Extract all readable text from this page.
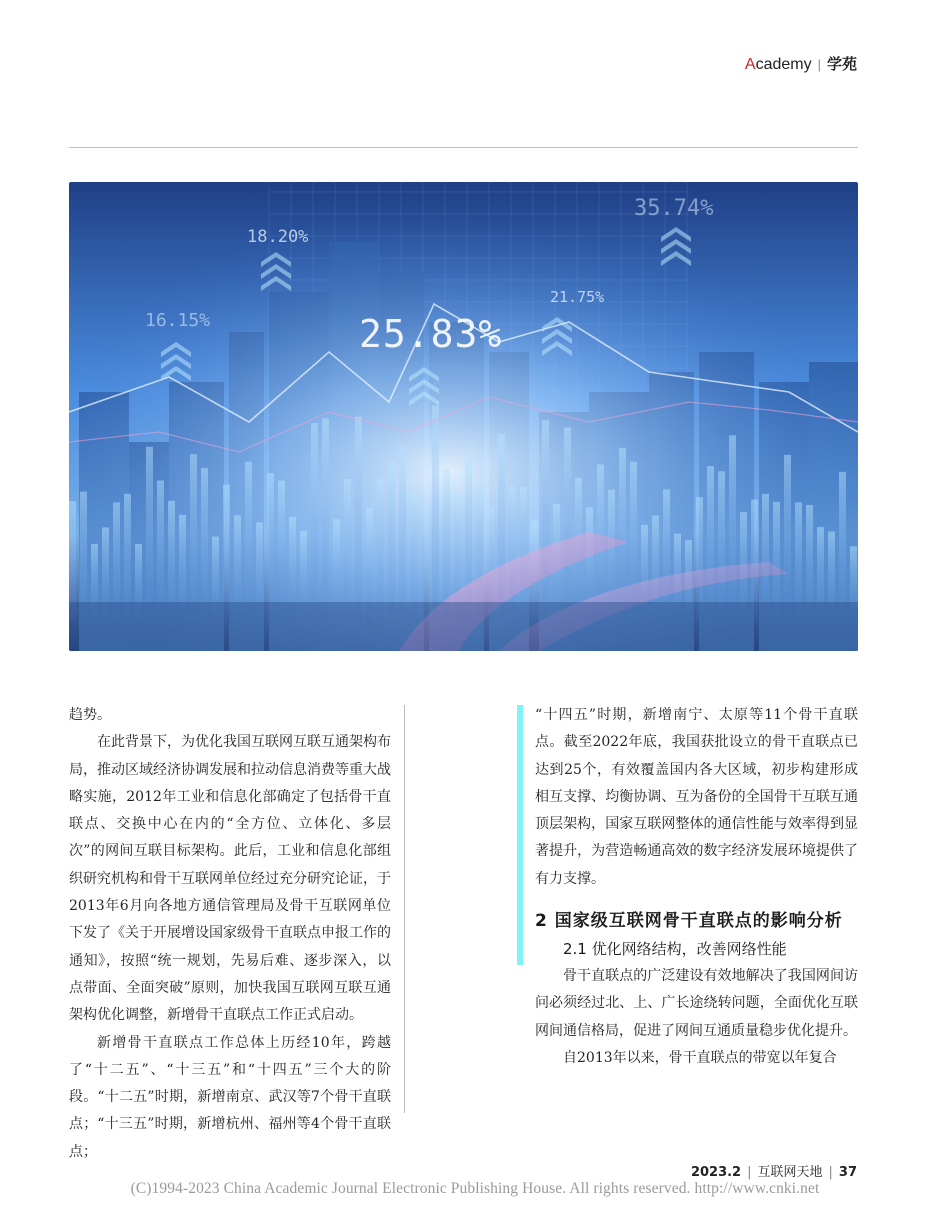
Academy | 学苑
25.83%
18.20%
16.15%
21.75%
35.74%

趋势。

在此背景下，为优化我国互联网互联互通架构布局，推动区域经济协调发展和拉动信息消费等重大战略实施，2012年工业和信息化部确定了包括骨干直联点、交换中心在内的“全方位、立体化、多层次”的网间互联目标架构。此后，工业和信息化部组织研究机构和骨干互联网单位经过充分研究论证，于2013年6月向各地方通信管理局及骨干互联网单位下发了《关于开展增设国家级骨干直联点申报工作的通知》，按照“统一规划，先易后难、逐步深入，以点带面、全面突破”原则，加快我国互联网互联互通架构优化调整，新增骨干直联点工作正式启动。

新增骨干直联点工作总体上历经10年，跨越了“十二五”、“十三五”和“十四五”三个大的阶段。“十二五”时期，新增南京、武汉等7个骨干直联点；“十三五”时期，新增杭州、福州等4个骨干直联点；

“十四五”时期，新增南宁、太原等11个骨干直联点。截至2022年底，我国获批设立的骨干直联点已达到25个，有效覆盖国内各大区域，初步构建形成相互支撑、均衡协调、互为备份的全国骨干互联互通顶层架构，国家互联网整体的通信性能与效率得到显著提升，为营造畅通高效的数字经济发展环境提供了有力支撑。

2 国家级互联网骨干直联点的影响分析
2.1 优化网络结构，改善网络性能

骨干直联点的广泛建设有效地解决了我国网间访问必须经过北、上、广长途绕转问题，全面优化互联网间通信格局，促进了网间互通质量稳步优化提升。

自2013年以来，骨干直联点的带宽以年复合

2023.2 | 互联网天地 | 37
(C)1994-2023 China Academic Journal Electronic Publishing House. All rights reserved. http://www.cnki.net
